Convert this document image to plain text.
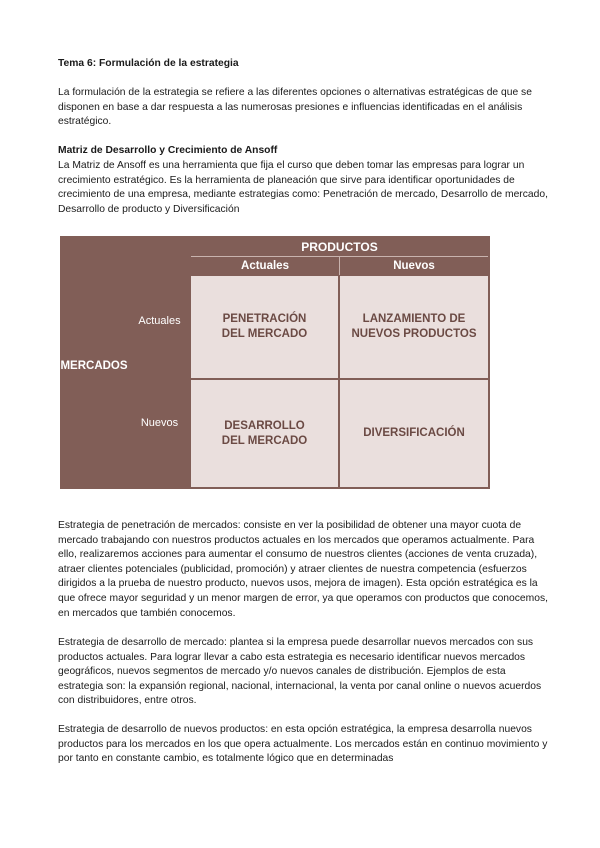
Tema 6: Formulación de la estrategia

La formulación de la estrategia se refiere a las diferentes opciones o alternativas estratégicas de que se disponen en base a dar respuesta a las numerosas presiones e influencias identificadas en el análisis estratégico.

Matriz de Desarrollo y Crecimiento de Ansoff

La Matriz de Ansoff es una herramienta que fija el curso que deben tomar las empresas para lograr un crecimiento estratégico. Es la herramienta de planeación que sirve para identificar oportunidades de crecimiento de una empresa, mediante estrategias como: Penetración de mercado, Desarrollo de mercado, Desarrollo de producto y Diversificación

PRODUCTOS
Actuales	Nuevos
MERCADOS
Actuales
Nuevos
PENETRACIÓN DEL MERCADO
LANZAMIENTO DE NUEVOS PRODUCTOS
DESARROLLO DEL MERCADO
DIVERSIFICACIÓN

Estrategia de penetración de mercados: consiste en ver la posibilidad de obtener una mayor cuota de mercado trabajando con nuestros productos actuales en los mercados que operamos actualmente. Para ello, realizaremos acciones para aumentar el consumo de nuestros clientes (acciones de venta cruzada), atraer clientes potenciales (publicidad, promoción) y atraer clientes de nuestra competencia (esfuerzos dirigidos a la prueba de nuestro producto, nuevos usos, mejora de imagen). Esta opción estratégica es la que ofrece mayor seguridad y un menor margen de error, ya que operamos con productos que conocemos, en mercados que también conocemos.

Estrategia de desarrollo de mercado: plantea si la empresa puede desarrollar nuevos mercados con sus productos actuales. Para lograr llevar a cabo esta estrategia es necesario identificar nuevos mercados geográficos, nuevos segmentos de mercado y/o nuevos canales de distribución. Ejemplos de esta estrategia son: la expansión regional, nacional, internacional, la venta por canal online o nuevos acuerdos con distribuidores, entre otros.

Estrategia de desarrollo de nuevos productos: en esta opción estratégica, la empresa desarrolla nuevos productos para los mercados en los que opera actualmente. Los mercados están en continuo movimiento y por tanto en constante cambio, es totalmente lógico que en determinadas
